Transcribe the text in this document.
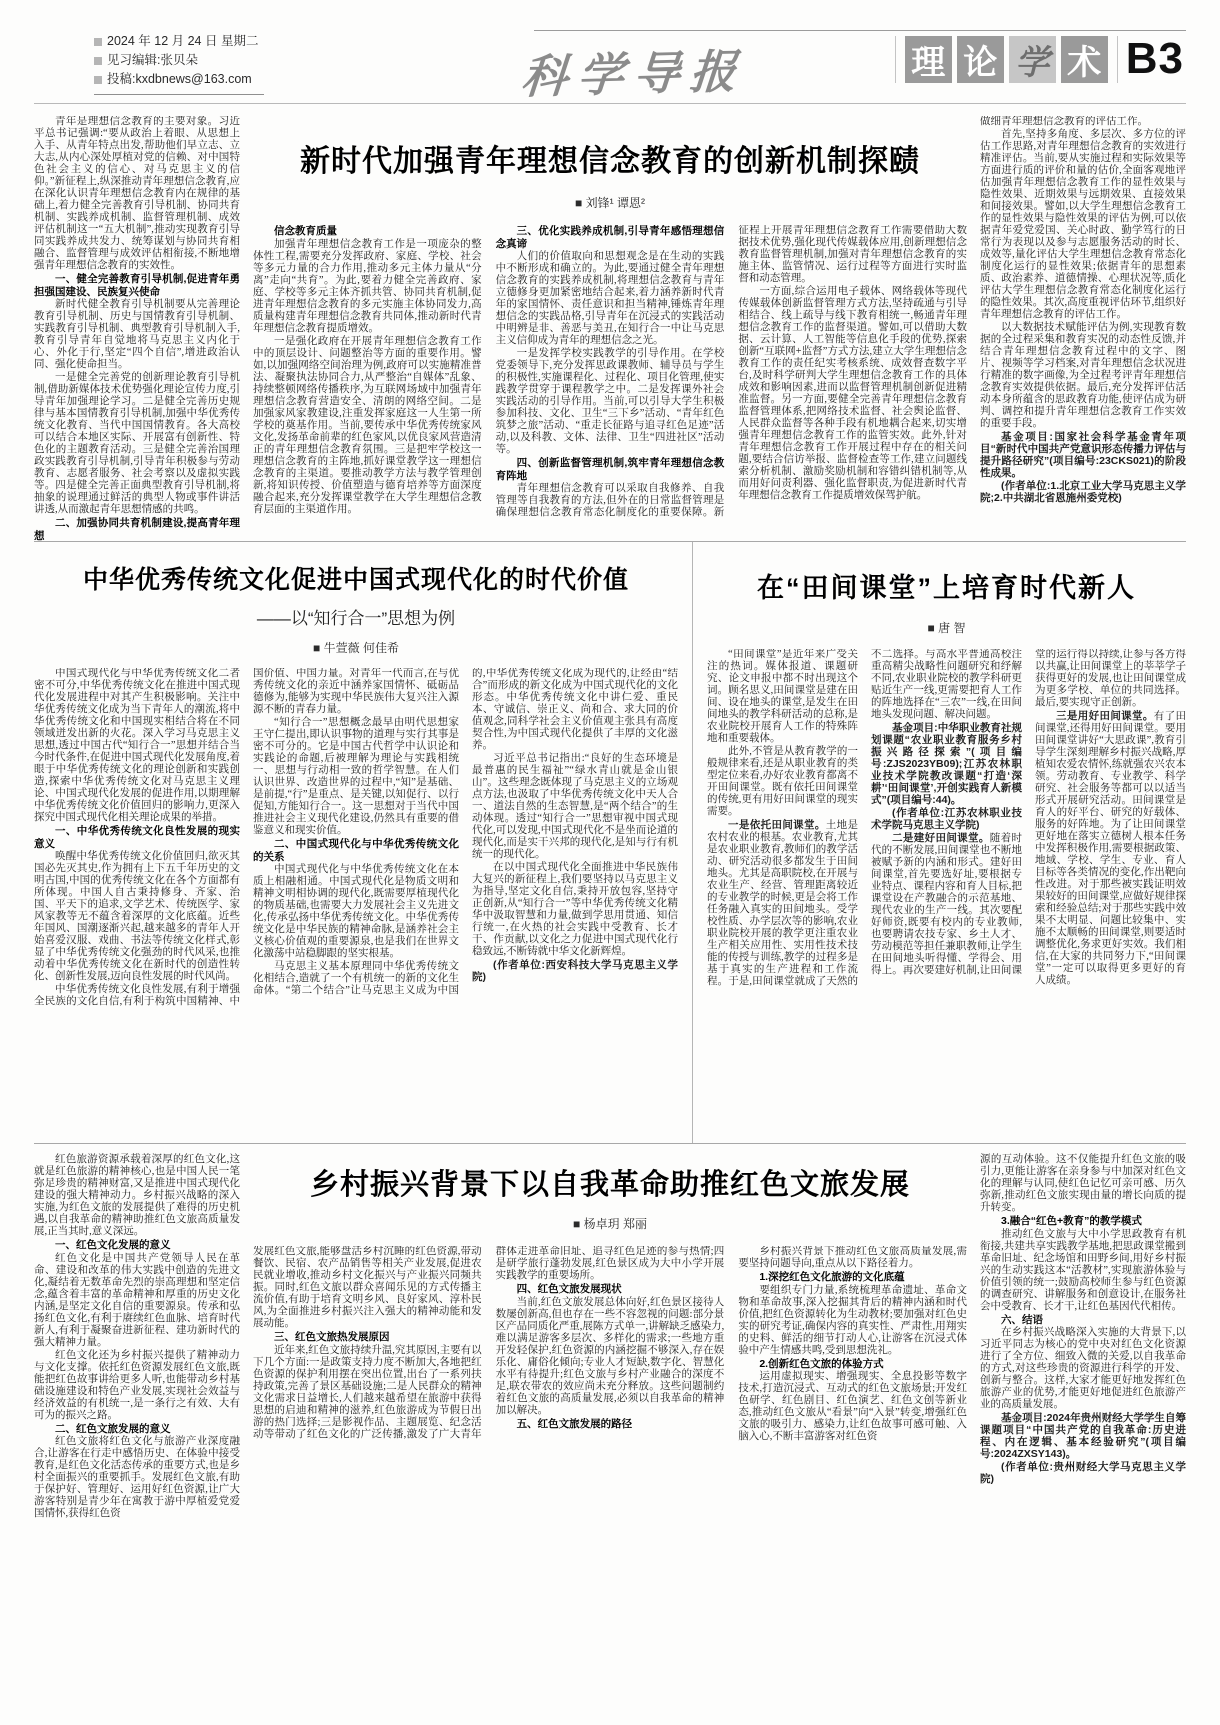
2024 年 12 月 24 日 星期二
见习编辑:张贝朵
投稿:kxdbnews@163.com	科学导报	理 论 学 术 B3

青年是理想信念教育的主要对象。习近平总书记强调:“要从政治上着眼、从思想上入手、从青年特点出发,帮助他们早立志、立大志,从内心深处厚植对党的信赖、对中国特色社会主义的信心、对马克思主义的信仰。”新征程上,纵深推动青年理想信念教育,应在深化认识青年理想信念教育内在规律的基础上,着力健全完善教育引导机制、协同共育机制、实践养成机制、监督管理机制、成效评估机制这一“五大机制”,推动实现教育引导同实践养成共发力、统筹谋划与协同共育相融合、监督管理与成效评估相衔接,不断地增强青年理想信念教育的实效性。

一、健全完善教育引导机制,促进青年勇担强国建设、民族复兴使命

新时代健全教育引导机制要从完善理论教育引导机制、历史与国情教育引导机制、实践教育引导机制、典型教育引导机制入手,教育引导青年自觉地将马克思主义内化于心、外化于行,坚定“四个自信”,增进政治认同、强化使命担当。

一是健全完善党的创新理论教育引导机制,借助新媒体技术优势强化理论宣传力度,引导青年加强理论学习。二是健全完善历史规律与基本国情教育引导机制,加强中华优秀传统文化教育、当代中国国情教育。各大高校可以结合本地区实际、开展富有创新性、特色化的主题教育活动。三是健全完善治国理政实践教育引导机制,引导青年积极参与劳动教育、志愿者服务、社会考察以及虚拟实践等。四是健全完善正面典型教育引导机制,将抽象的说理通过鲜活的典型人物或事件讲活讲透,从而激起青年思想情感的共鸣。

二、加强协同共育机制建设,提高青年理想
新时代加强青年理想信念教育的创新机制探赜
■ 刘锋¹ 谭恩²
信念教育质量

加强青年理想信念教育工作是一项庞杂的整体性工程,需要充分发挥政府、家庭、学校、社会等多元力量的合力作用,推动多元主体力量从“分离”走向“共育”。为此,要着力健全完善政府、家庭、学校等多元主体齐抓共管、协同共育机制,促进青年理想信念教育的多元实施主体协同发力,高质量构建青年理想信念教育共同体,推动新时代青年理想信念教育提质增效。

一是强化政府在开展青年理想信念教育工作中的顶层设计、问题整治等方面的重要作用。譬如,以加强网络空间治理为例,政府可以实施精准普法、凝聚执法协同合力,从严整治“自媒体”乱象、持续整顿网络传播秩序,为互联网场域中加强青年理想信念教育营造安全、清朗的网络空间。二是加强家风家教建设,注重发挥家庭这一人生第一所学校的奠基作用。当前,要传承中华优秀传统家风文化,发扬革命前辈的红色家风,以优良家风营造清正的青年理想信念教育氛围。三是把牢学校这一理想信念教育的主阵地,抓好课堂教学这一理想信念教育的主渠道。要推动教学方法与教学管理创新,将知识传授、价值塑造与德育培养等方面深度融合起来,充分发挥课堂教学在大学生理想信念教育层面的主渠道作用。

三、优化实践养成机制,引导青年感悟理想信念真谛

人们的价值取向和思想观念是在生动的实践中不断形成和确立的。为此,要通过健全青年理想信念教育的实践养成机制,将理想信念教育与青年立德修身更加紧密地结合起来,着力涵养新时代青年的家国情怀、责任意识和担当精神,锤炼青年理想信念的实践品格,引导青年在沉浸式的实践活动中明辨是非、善恶与美丑,在知行合一中让马克思主义信仰成为青年的理想信念之光。

一是发挥学校实践教学的引导作用。在学校党委领导下,充分发挥思政课教师、辅导员与学生的积极性,实施课程化、过程化、项目化管理,使实践教学贯穿于课程教学之中。二是发挥课外社会实践活动的引导作用。当前,可以引导大学生积极参加科技、文化、卫生“三下乡”活动、“青年红色筑梦之旅”活动、“重走长征路与追寻红色足迹”活动,以及科教、文体、法律、卫生“四进社区”活动等。

四、创新监督管理机制,筑牢青年理想信念教育阵地

青年理想信念教育可以采取自我修养、自我管理等自我教育的方法,但外在的日常监督管理是确保理想信念教育常态化制度化的重要保障。新征程上开展青年理想信念教育工作需要借助大数据技术优势,强化现代传媒载体应用,创新理想信念教育监督管理机制,加强对青年理想信念教育的实施主体、监管情况、运行过程等方面进行实时监督和动态管理。

一方面,综合运用电子载体、网络载体等现代传媒载体创新监督管理方式方法,坚持疏通与引导相结合、线上疏导与线下教育相统一,畅通青年理想信念教育工作的监督渠道。譬如,可以借助大数据、云计算、人工智能等信息化手段的优势,探索创新“互联网+监督”方式方法,建立大学生理想信念教育工作的责任纪实考核系统、成效督查数字平台,及时科学研判大学生理想信念教育工作的具体成效和影响因素,进而以监督管理机制创新促进精准监督。另一方面,要健全完善青年理想信念教育监督管理体系,把网络技术监督、社会舆论监督、人民群众监督等各种手段有机地耦合起来,切实增强青年理想信念教育工作的监管实效。此外,针对青年理想信念教育工作开展过程中存在的相关问题,要结合信访举报、监督检查等工作,建立问题线索分析机制、激励奖励机制和容错纠错机制等,从而用好问责利器、强化监督职责,为促进新时代青年理想信念教育工作提质增效保驾护航。

做细青年理想信念教育的评估工作。

首先,坚持多角度、多层次、多方位的评估工作思路,对青年理想信念教育的实效进行精准评估。当前,要从实施过程和实际效果等方面进行质的评价和量的估价,全面客观地评估加强青年理想信念教育工作的显性效果与隐性效果、近期效果与远期效果、直接效果和间接效果。譬如,以大学生理想信念教育工作的显性效果与隐性效果的评估为例,可以依据青年爱党爱国、关心时政、勤学笃行的日常行为表现以及参与志愿服务活动的时长、成效等,量化评估大学生理想信念教育常态化制度化运行的显性效果;依据青年的思想素质、政治素养、道德情操、心理状况等,质化评估大学生理想信念教育常态化制度化运行的隐性效果。其次,高度重视评估环节,组织好青年理想信念教育的评估工作。

以大数据技术赋能评估为例,实现教育数据的全过程采集和教育实况的动态性反馈,并结合青年理想信念教育过程中的文字、图片、视频等学习档案,对青年理想信念状况进行精准的数字画像,为全过程考评青年理想信念教育实效提供依据。最后,充分发挥评估活动本身所蕴含的思政教育功能,使评估成为研判、调控和提升青年理想信念教育工作实效的重要手段。

基金项目:国家社会科学基金青年项目“新时代中国共产党意识形态传播力评估与提升路径研究”(项目编号:23CKS021)的阶段性成果。

(作者单位:1.北京工业大学马克思主义学院;2.中共湖北省恩施州委党校)

中华优秀传统文化促进中国式现代化的时代价值
——以“知行合一”思想为例
■ 牛萱薇 何佳希

中国式现代化与中华优秀传统文化二者密不可分,中华优秀传统文化在推进中国式现代化发展进程中对其产生积极影响。关注中华优秀传统文化成为当下青年人的潮流,将中华优秀传统文化和中国现实相结合将在不同领域迸发出新的火花。深入学习马克思主义思想,透过中国古代“知行合一”思想并结合当今时代条件,在促进中国式现代化发展角度,着眼于中华优秀传统文化的理论创新和实践创造,探索中华优秀传统文化对马克思主义理论、中国式现代化发展的促进作用,以期理解中华优秀传统文化价值回归的影响力,更深入探究中国式现代化相关理论成果的举措。

一、中华优秀传统文化良性发展的现实意义

唤醒中华优秀传统文化价值回归,欲灭其国必先灭其史,作为拥有上下五千年历史的文明古国,中国的优秀传统文化在各个方面都有所体现。中国人自古秉持修身、齐家、治国、平天下的追求,文学艺术、传统医学、家风家教等无不蕴含着深厚的文化底蕴。近些年国风、国潮逐渐兴起,越来越多的青年人开始喜爱汉服、戏曲、书法等传统文化样式,彰显了中华优秀传统文化强劲的时代风采,也推动着中华优秀传统文化在新时代的创造性转化、创新性发展,迈向良性发展的时代风尚。

中华优秀传统文化良性发展,有利于增强全民族的文化自信,有利于构筑中国精神、中国价值、中国力量。对青年一代而言,在与优秀传统文化的亲近中涵养家国情怀、砥砺品德修为,能够为实现中华民族伟大复兴注入源源不断的青春力量。

“知行合一”思想概念最早由明代思想家王守仁提出,即认识事物的道理与实行其事是密不可分的。它是中国古代哲学中认识论和实践论的命题,后被理解为理论与实践相统一、思想与行动相一致的哲学智慧。在人们认识世界、改造世界的过程中,“知”是基础、是前提,“行”是重点、是关键,以知促行、以行促知,方能知行合一。这一思想对于当代中国推进社会主义现代化建设,仍然具有重要的借鉴意义和现实价值。

二、中国式现代化与中华优秀传统文化的关系

中国式现代化与中华优秀传统文化在本质上相融相通。中国式现代化是物质文明和精神文明相协调的现代化,既需要厚植现代化的物质基础,也需要大力发展社会主义先进文化,传承弘扬中华优秀传统文化。中华优秀传统文化是中华民族的精神命脉,是涵养社会主义核心价值观的重要源泉,也是我们在世界文化激荡中站稳脚跟的坚实根基。

马克思主义基本原理同中华优秀传统文化相结合,造就了一个有机统一的新的文化生命体。“第二个结合”让马克思主义成为中国的,中华优秀传统文化成为现代的,让经由“结合”而形成的新文化成为中国式现代化的文化形态。中华优秀传统文化中讲仁爱、重民本、守诚信、崇正义、尚和合、求大同的价值观念,同科学社会主义价值观主张具有高度契合性,为中国式现代化提供了丰厚的文化滋养。

习近平总书记指出:“良好的生态环境是最普惠的民生福祉”“绿水青山就是金山银山”。这些理念既体现了马克思主义的立场观点方法,也汲取了中华优秀传统文化中天人合一、道法自然的生态智慧,是“两个结合”的生动体现。透过“知行合一”思想审视中国式现代化,可以发现,中国式现代化不是坐而论道的现代化,而是实干兴邦的现代化,是知与行有机统一的现代化。

在以中国式现代化全面推进中华民族伟大复兴的新征程上,我们要坚持以马克思主义为指导,坚定文化自信,秉持开放包容,坚持守正创新,从“知行合一”等中华优秀传统文化精华中汲取智慧和力量,做到学思用贯通、知信行统一,在火热的社会实践中受教育、长才干、作贡献,以文化之力促进中国式现代化行稳致远,不断铸就中华文化新辉煌。

(作者单位:西安科技大学马克思主义学院)

在“田间课堂”上培育时代新人
■ 唐 智

“田间课堂”是近年来广受关注的热词。媒体报道、课题研究、论文申报中都不时出现这个词。顾名思义,田间课堂是建在田间、设在地头的课堂,是发生在田间地头的教学科研活动的总称,是农业院校开展育人工作的特殊阵地和重要载体。

此外,不管是从教育教学的一般规律来看,还是从职业教育的类型定位来看,办好农业教育都离不开田间课堂。既有依托田间课堂的传统,更有用好田间课堂的现实需要。

一是依托田间课堂。土地是农村农业的根基。农业教育,尤其是农业职业教育,教师们的教学活动、研究活动很多都发生于田间地头。尤其是高职院校,在开展与农业生产、经营、管理距离较近的专业教学的时候,更是会将工作任务融入真实的田间地头。受学校性质、办学层次等的影响,农业职业院校开展的教学更注重农业生产相关应用性、实用性技术技能的传授与训练,教学的过程多是基于真实的生产进程和工作流程。于是,田间课堂就成了天然的不二选择。与高水平普通高校注重高精尖战略性问题研究和纾解不同,农业职业院校的教学科研更贴近生产一线,更需要把育人工作的阵地选择在“三农”一线,在田间地头发现问题、解决问题。

基金项目:中华职业教育社规划课题“农业职业教育服务乡村振兴路径探索”(项目编号:ZJS2023YB09);江苏农林职业技术学院教改课题“打造‘深耕’‘田间课堂’,开创实践育人新模式”(项目编号:44)。

(作者单位:江苏农林职业技术学院马克思主义学院)

二是建好田间课堂。随着时代的不断发展,田间课堂也不断地被赋予新的内涵和形式。建好田间课堂,首先要选好址,要根据专业特点、课程内容和育人目标,把课堂设在产教融合的示范基地、现代农业的生产一线。其次要配好师资,既要有校内的专业教师,也要聘请农技专家、乡土人才、劳动模范等担任兼职教师,让学生在田间地头听得懂、学得会、用得上。再次要建好机制,让田间课堂的运行得以持续,让参与各方得以共赢,让田间课堂上的莘莘学子获得更好的发展,也让田间课堂成为更多学校、单位的共同选择。最后,要实现守正创新。

三是用好田间课堂。有了田间课堂,还得用好田间课堂。要用田间课堂讲好“大思政课”,教育引导学生深刻理解乡村振兴战略,厚植知农爱农情怀,练就强农兴农本领。劳动教育、专业教学、科学研究、社会服务等都可以以适当形式开展研究活动。田间课堂是育人的好平台、研究的好载体、服务的好阵地。为了让田间课堂更好地在落实立德树人根本任务中发挥积极作用,需要根据政策、地域、学校、学生、专业、育人目标等各类情况的变化,作出靶向性改进。对于那些被实践证明效果较好的田间课堂,应做好规律探索和经验总结;对于那些实践中效果不太明显、问题比较集中、实施不太顺畅的田间课堂,则要适时调整优化,务求更好实效。我们相信,在大家的共同努力下,“田间课堂”一定可以取得更多更好的育人成绩。

红色旅游资源承载着深厚的红色文化,这就是红色旅游的精神核心,也是中国人民一笔弥足珍贵的精神财富,又是推进中国式现代化建设的强大精神动力。乡村振兴战略的深入实施,为红色文旅的发展提供了难得的历史机遇,以自我革命的精神助推红色文旅高质量发展,正当其时,意义深远。

一、红色文化发展的意义

红色文化是中国共产党领导人民在革命、建设和改革的伟大实践中创造的先进文化,凝结着无数革命先烈的崇高理想和坚定信念,蕴含着丰富的革命精神和厚重的历史文化内涵,是坚定文化自信的重要源泉。传承和弘扬红色文化,有利于赓续红色血脉、培育时代新人,有利于凝聚奋进新征程、建功新时代的强大精神力量。

红色文化还为乡村振兴提供了精神动力与文化支撑。依托红色资源发展红色文旅,既能把红色故事讲给更多人听,也能带动乡村基础设施建设和特色产业发展,实现社会效益与经济效益的有机统一,是一条行之有效、大有可为的振兴之路。

二、红色文旅发展的意义

红色文旅将红色文化与旅游产业深度融合,让游客在行走中感悟历史、在体验中接受教育,是红色文化活态传承的重要方式,也是乡村全面振兴的重要抓手。发展红色文旅,有助于保护好、管理好、运用好红色资源,让广大游客特别是青少年在寓教于游中厚植爱党爱国情怀,获得红色资

乡村振兴背景下以自我革命助推红色文旅发展
■ 杨卓玥 郑丽

发展红色文旅,能够盘活乡村沉睡的红色资源,带动餐饮、民宿、农产品销售等相关产业发展,促进农民就业增收,推动乡村文化振兴与产业振兴同频共振。同时,红色文旅以群众喜闻乐见的方式传播主流价值,有助于培育文明乡风、良好家风、淳朴民风,为全面推进乡村振兴注入强大的精神动能和发展动能。

三、红色文旅热发展原因

近年来,红色文旅持续升温,究其原因,主要有以下几个方面:一是政策支持力度不断加大,各地把红色资源的保护利用摆在突出位置,出台了一系列扶持政策,完善了景区基础设施;二是人民群众的精神文化需求日益增长,人们越来越希望在旅游中获得思想的启迪和精神的滋养,红色旅游成为节假日出游的热门选择;三是影视作品、主题展览、纪念活动等带动了红色文化的广泛传播,激发了广大青年群体走进革命旧址、追寻红色足迹的参与热情;四是研学旅行蓬勃发展,红色景区成为大中小学开展实践教学的重要场所。

四、红色文旅发展现状

当前,红色文旅发展总体向好,红色景区接待人数屡创新高,但也存在一些不容忽视的问题:部分景区产品同质化严重,展陈方式单一,讲解缺乏感染力,难以满足游客多层次、多样化的需求;一些地方重开发轻保护,红色资源的内涵挖掘不够深入,存在娱乐化、庸俗化倾向;专业人才短缺,数字化、智慧化水平有待提升;红色文旅与乡村产业融合的深度不足,联农带农的效应尚未充分释放。这些问题制约着红色文旅的高质量发展,必须以自我革命的精神加以解决。

五、红色文旅发展的路径

乡村振兴背景下推动红色文旅高质量发展,需要坚持问题导向,重点从以下路径着力。

1.深挖红色文化旅游的文化底蕴

要组织专门力量,系统梳理革命遗址、革命文物和革命故事,深入挖掘其背后的精神内涵和时代价值,把红色资源转化为生动教材;要加强对红色史实的研究考证,确保内容的真实性、严肃性,用翔实的史料、鲜活的细节打动人心,让游客在沉浸式体验中产生情感共鸣,受到思想洗礼。

2.创新红色文旅的体验方式

运用虚拟现实、增强现实、全息投影等数字技术,打造沉浸式、互动式的红色文旅场景;开发红色研学、红色剧目、红色演艺、红色文创等新业态,推动红色文旅从“看景”向“入景”转变,增强红色文旅的吸引力、感染力,让红色故事可感可触、入脑入心,不断丰富游客对红色资

源的互动体验。这不仅能提升红色文旅的吸引力,更能让游客在亲身参与中加深对红色文化的理解与认同,使红色记忆可亲可感、历久弥新,推动红色文旅实现由量的增长向质的提升转变。

3.融合“红色+教育”的教学模式

推动红色文旅与大中小学思政教育有机衔接,共建共享实践教学基地,把思政课堂搬到革命旧址、纪念场馆和田野乡间,用好乡村振兴的生动实践这本“活教材”,实现旅游体验与价值引领的统一;鼓励高校师生参与红色资源的调查研究、讲解服务和创意设计,在服务社会中受教育、长才干,让红色基因代代相传。

六、结语

在乡村振兴战略深入实施的大背景下,以习近平同志为核心的党中央对红色文化资源进行了全方位、细致入微的关爱,以自我革命的方式,对这些珍贵的资源进行科学的开发、创新与整合。这样,大家才能更好地发挥红色旅游产业的优势,才能更好地促进红色旅游产业的高质量发展。

基金项目:2024年贵州财经大学学生自筹课题项目“中国共产党的自我革命:历史进程、内在逻辑、基本经验研究”(项目编号:2024ZXSY143)。

(作者单位:贵州财经大学马克思主义学院)
